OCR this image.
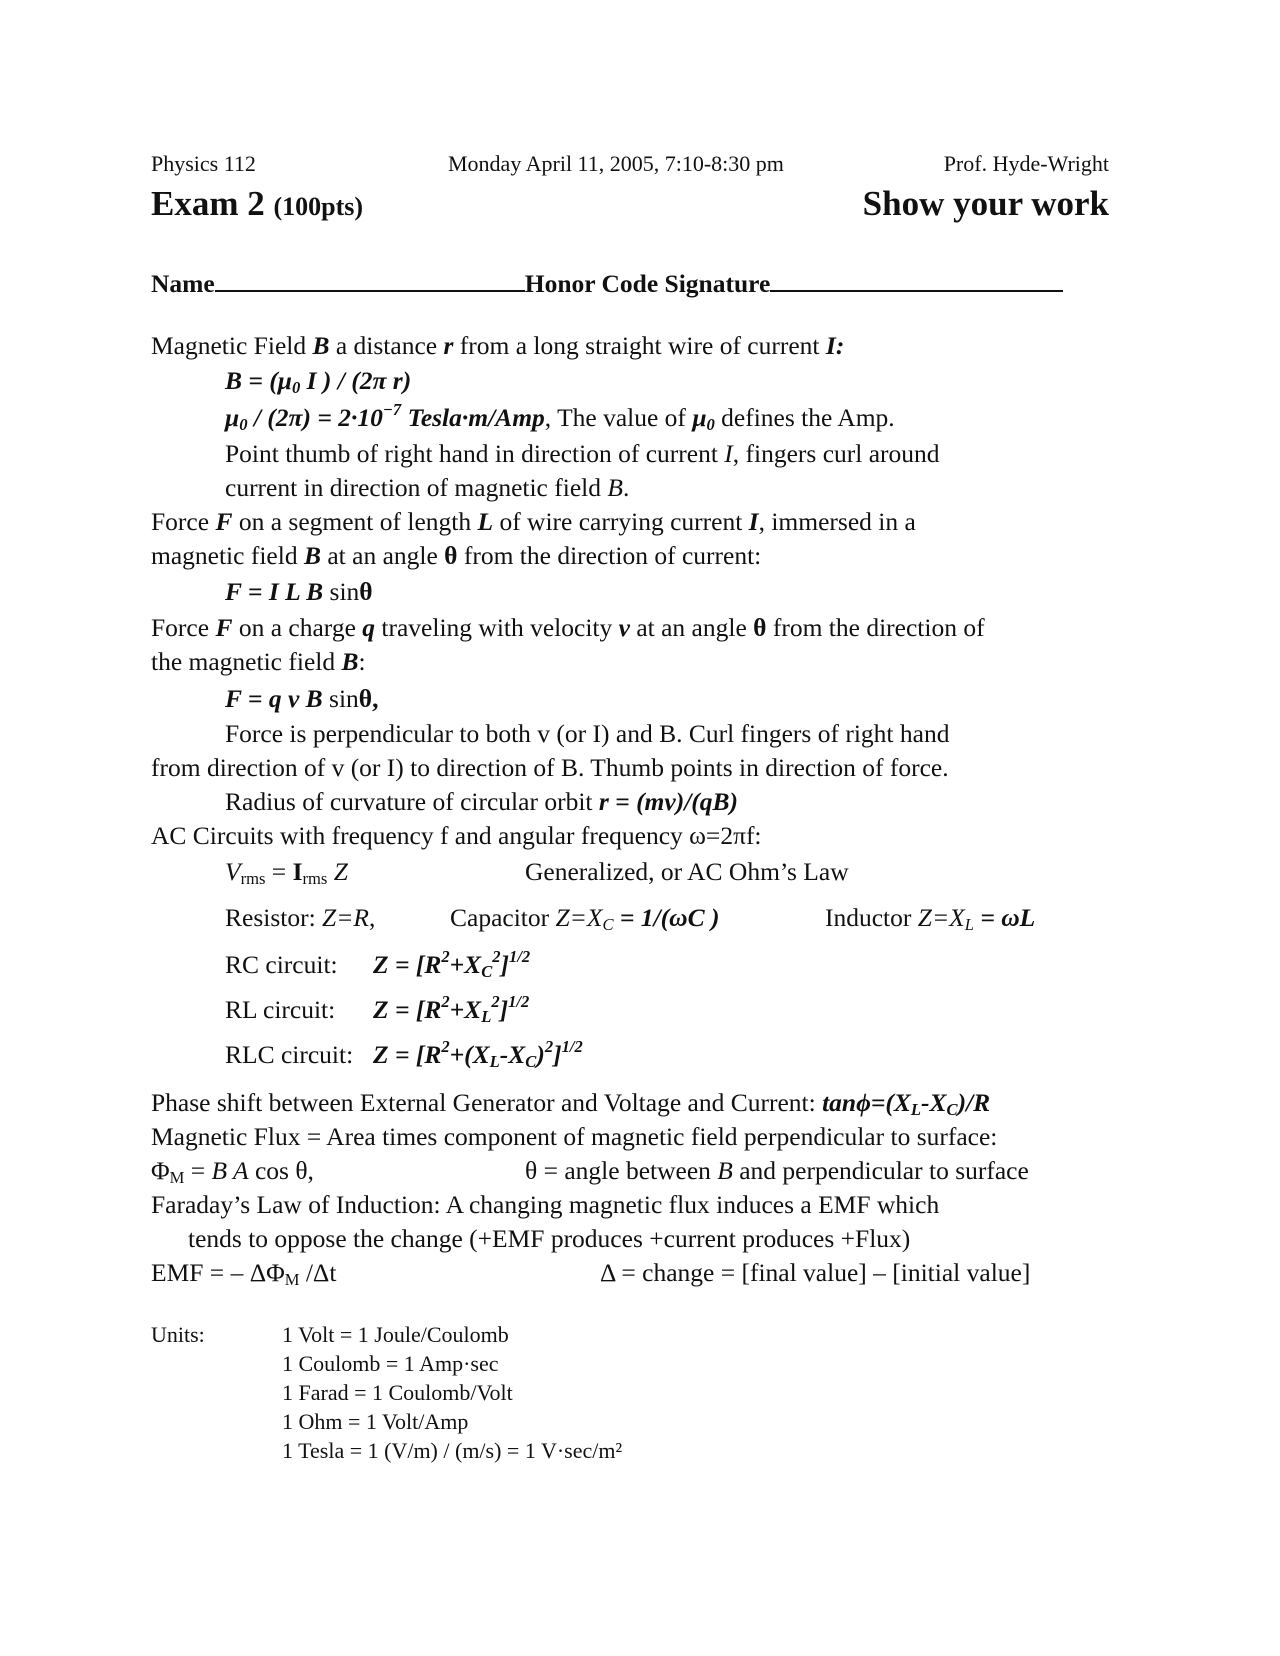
Physics 112	Monday April 11, 2005, 7:10-8:30 pm	Prof. Hyde-Wright
Exam 2 (100pts)	Show your work
Name	Honor Code Signature
Magnetic Field B a distance r from a long straight wire of current I:
$B = (\mu_0$ I ) / (2π r)
$\mu_0 / (2\pi) = 2\cdot 10^{-7}$ Tesla·m/Amp, The value of $\mu_0$ defines the Amp.
Point thumb of right hand in direction of current I, fingers curl around
current in direction of magnetic field B.
Force F on a segment of length L of wire carrying current I, immersed in a
magnetic field B at an angle θ from the direction of current:
F = I L B sinθ
Force F on a charge q traveling with velocity v at an angle θ from the direction of
the magnetic field B:
F = q v B sinθ,
Force is perpendicular to both v (or I) and B. Curl fingers of right hand
from direction of v (or I) to direction of B. Thumb points in direction of force.
Radius of curvature of circular orbit r = (mv)/(qB)
AC Circuits with frequency f and angular frequency ω=2πf:
$V_{rms} = I_{rms}$ Z	Generalized, or AC Ohm’s Law
Resistor: Z=R,	Capacitor $Z=X_C = 1/(\omega C$ )	Inductor $Z=X_L = \omega L$
RC circuit: $Z = [R^2+X_C^2]^{1/2}$
RL circuit: $Z = [R^2+X_L^2]^{1/2}$
RLC circuit: $Z = [R^2+(X_L-X_C)^2]^{1/2}$
Phase shift between External Generator and Voltage and Current: $\tan\phi=(X_L-X_C)/R$
Magnetic Flux = Area times component of magnetic field perpendicular to surface:
$\Phi_M = B$ A cos θ,	θ = angle between B and perpendicular to surface
Faraday’s Law of Induction: A changing magnetic flux induces a EMF which
tends to oppose the change (+EMF produces +current produces +Flux)
EMF = – $\Delta\Phi_M$ /Δt	Δ = change = [final value] – [initial value]
Units:	1 Volt = 1 Joule/Coulomb
1 Coulomb = 1 Amp·sec
1 Farad = 1 Coulomb/Volt
1 Ohm = 1 Volt/Amp
1 Tesla = 1 (V/m) / (m/s) = 1 V·sec/m²
